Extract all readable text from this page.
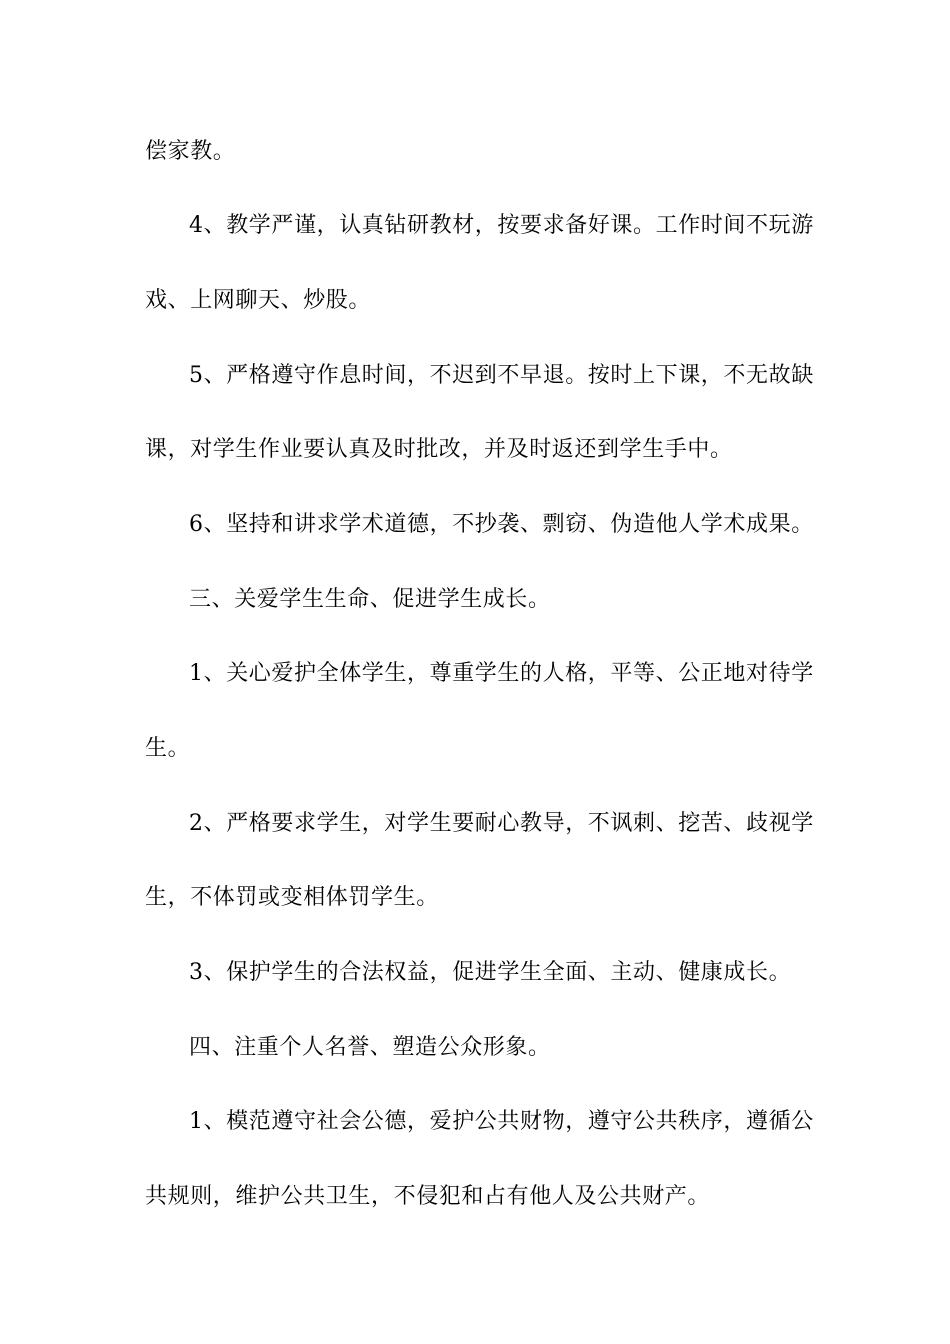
偿家教。
4、教学严谨，认真钻研教材，按要求备好课。工作时间不玩游
戏、上网聊天、炒股。
5、严格遵守作息时间，不迟到不早退。按时上下课，不无故缺
课，对学生作业要认真及时批改，并及时返还到学生手中。
6、坚持和讲求学术道德，不抄袭、剽窃、伪造他人学术成果。
三、关爱学生生命、促进学生成长。
1、关心爱护全体学生，尊重学生的人格，平等、公正地对待学
生。
2、严格要求学生，对学生要耐心教导，不讽刺、挖苦、歧视学
生，不体罚或变相体罚学生。
3、保护学生的合法权益，促进学生全面、主动、健康成长。
四、注重个人名誉、塑造公众形象。
1、模范遵守社会公德，爱护公共财物，遵守公共秩序，遵循公
共规则，维护公共卫生，不侵犯和占有他人及公共财产。
